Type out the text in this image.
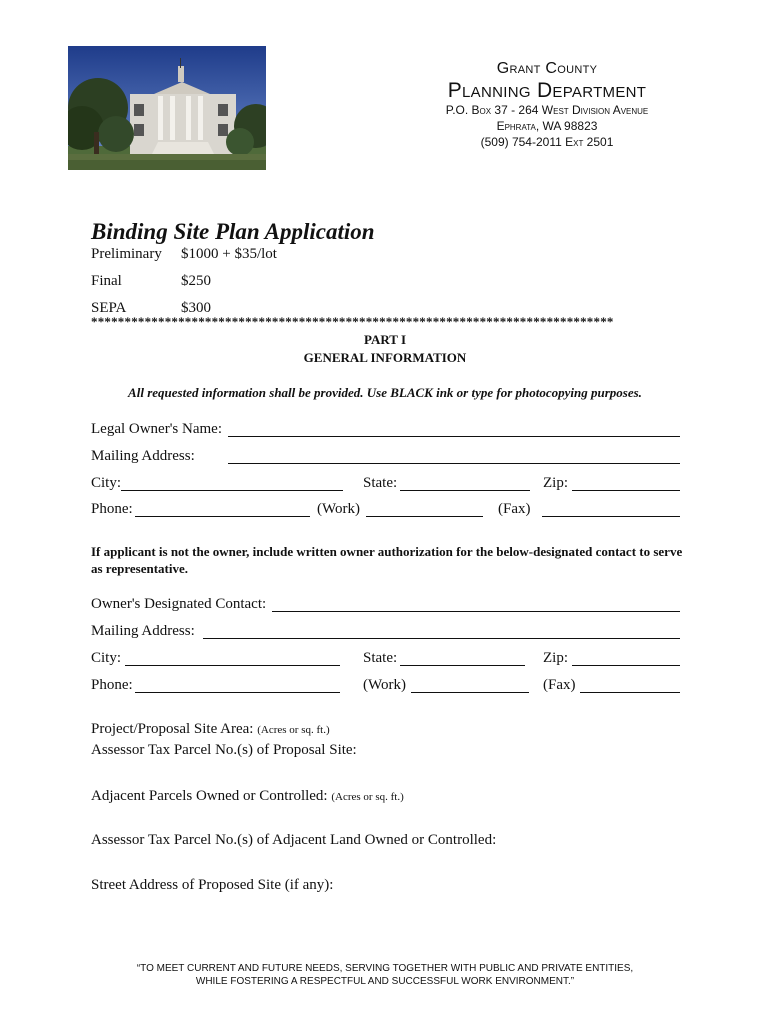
Grant County
Planning Department
P.O. Box 37 - 264 West Division Avenue
Ephrata, WA 98823
(509) 754-2011 Ext 2501
Binding Site Plan Application
Preliminary $1000 + $35/lot
Final	$250
SEPA	$300
******************************************************************************
PART I
GENERAL INFORMATION
All requested information shall be provided. Use BLACK ink or type for photocopying purposes.
Legal Owner's Name:
Mailing Address:
City:	State:	Zip:
Phone:	(Work)	(Fax)
If applicant is not the owner, include written owner authorization for the below-designated contact to serve as representative.
Owner's Designated Contact:
Mailing Address:
City:	State:	Zip:
Phone:	(Work)	(Fax)
Project/Proposal Site Area: (Acres or sq. ft.)
Assessor Tax Parcel No.(s) of Proposal Site:
Adjacent Parcels Owned or Controlled: (Acres or sq. ft.)
Assessor Tax Parcel No.(s) of Adjacent Land Owned or Controlled:
Street Address of Proposed Site (if any):
“TO MEET CURRENT AND FUTURE NEEDS, SERVING TOGETHER WITH PUBLIC AND PRIVATE ENTITIES,
WHILE FOSTERING A RESPECTFUL AND SUCCESSFUL WORK ENVIRONMENT.”
